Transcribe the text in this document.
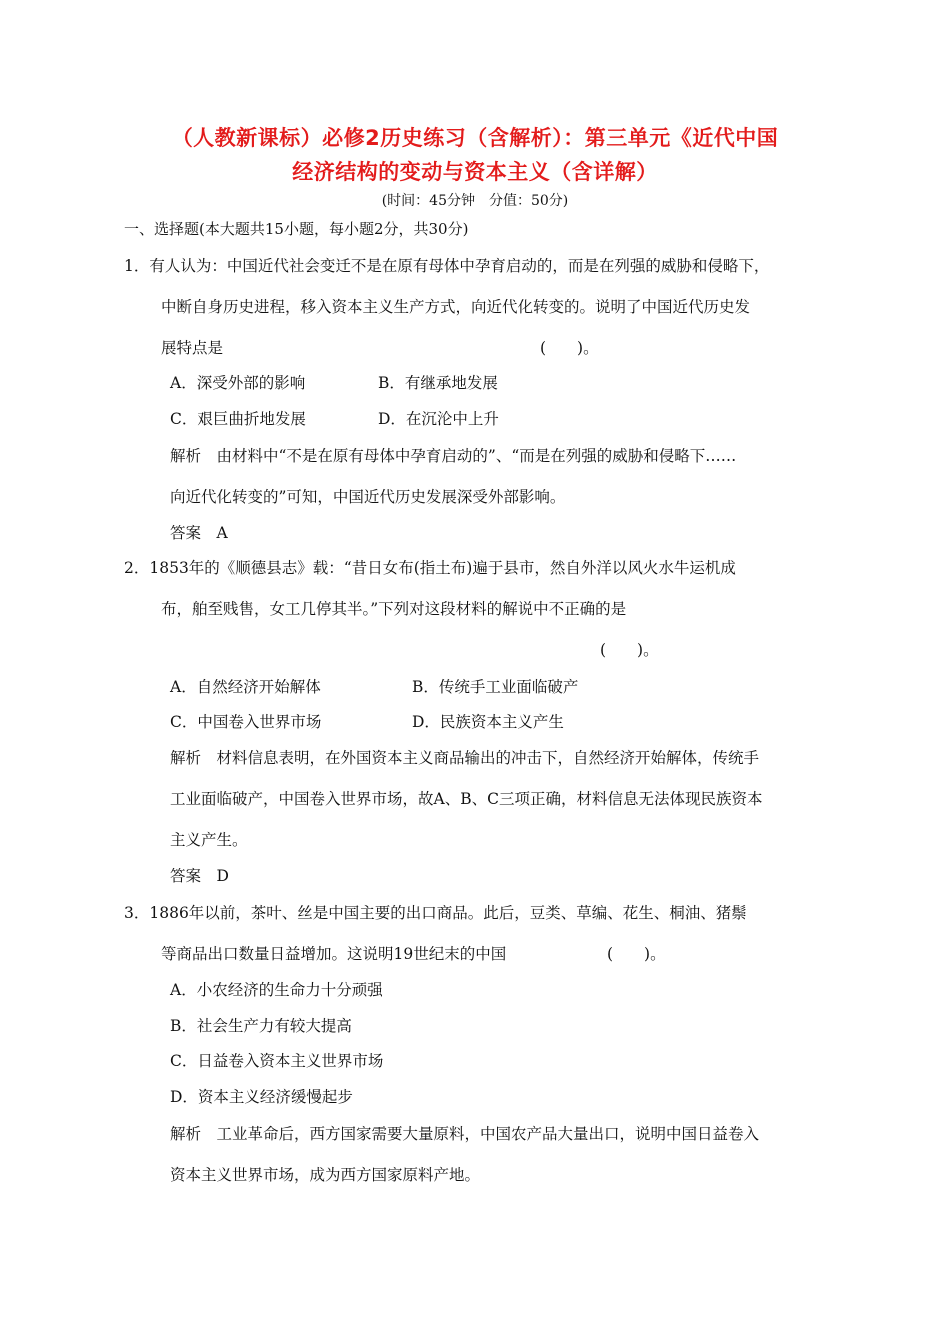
（人教新课标）必修2历史练习（含解析）：第三单元《近代中国
经济结构的变动与资本主义（含详解）
(时间：45分钟　分值：50分)
一、选择题(本大题共15小题，每小题2分，共30分)
1．有人认为：中国近代社会变迁不是在原有母体中孕育启动的，而是在列强的威胁和侵略下，
中断自身历史进程，移入资本主义生产方式，向近代化转变的。说明了中国近代历史发
展特点是	(　　)。
A．深受外部的影响	B．有继承地发展
C．艰巨曲折地发展	D．在沉沦中上升
解析　由材料中“不是在原有母体中孕育启动的”、“而是在列强的威胁和侵略下……
向近代化转变的”可知，中国近代历史发展深受外部影响。
答案　A
2．1853年的《顺德县志》载：“昔日女布(指土布)遍于县市，然自外洋以风火水牛运机成
布，舶至贱售，女工几停其半。”下列对这段材料的解说中不正确的是
(　　)。
A．自然经济开始解体	B．传统手工业面临破产
C．中国卷入世界市场	D．民族资本主义产生
解析　材料信息表明，在外国资本主义商品输出的冲击下，自然经济开始解体，传统手
工业面临破产，中国卷入世界市场，故A、B、C三项正确，材料信息无法体现民族资本
主义产生。
答案　D
3．1886年以前，茶叶、丝是中国主要的出口商品。此后，豆类、草编、花生、桐油、猪鬃
等商品出口数量日益增加。这说明19世纪末的中国	(　　)。
A．小农经济的生命力十分顽强
B．社会生产力有较大提高
C．日益卷入资本主义世界市场
D．资本主义经济缓慢起步
解析　工业革命后，西方国家需要大量原料，中国农产品大量出口，说明中国日益卷入
资本主义世界市场，成为西方国家原料产地。
